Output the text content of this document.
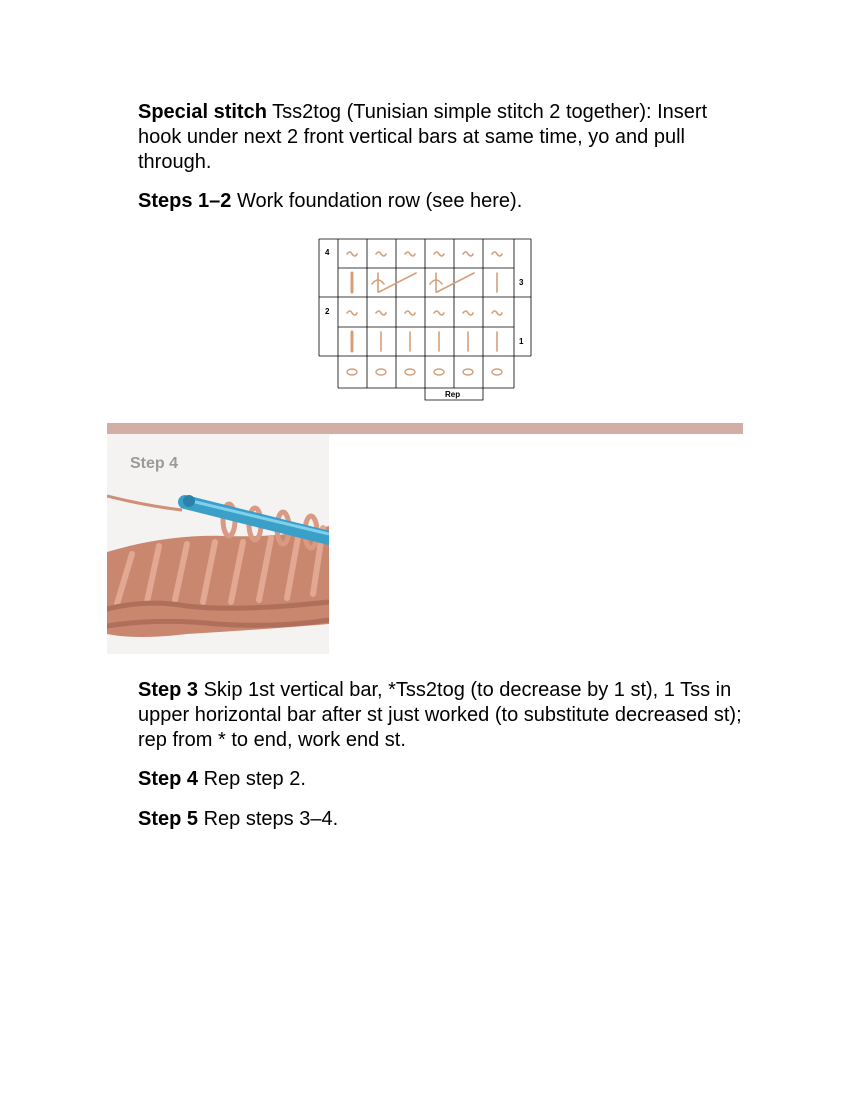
Special stitch Tss2tog (Tunisian simple stitch 2 together): Insert hook under next 2 front vertical bars at same time, yo and pull through.

Steps 1–2 Work foundation row (see here).

4
3
2
1
Rep
Step 4

Step 3 Skip 1st vertical bar, *Tss2tog (to decrease by 1 st), 1 Tss in upper horizontal bar after st just worked (to substitute decreased st); rep from * to end, work end st.

Step 4 Rep step 2.

Step 5 Rep steps 3–4.
